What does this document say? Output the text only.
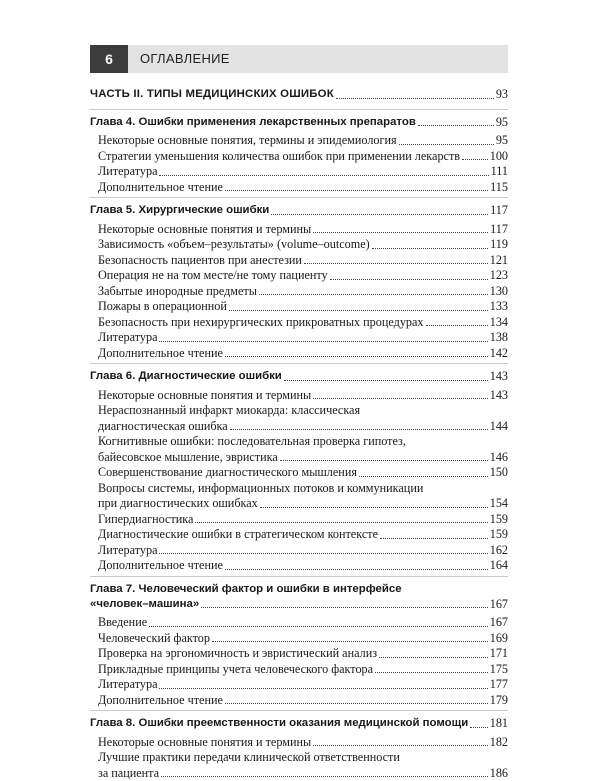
6	ОГЛАВЛЕНИЕ
ЧАСТЬ II. ТИПЫ МЕДИЦИНСКИХ ОШИБОК	93
Глава 4. Ошибки применения лекарственных препаратов	95
Некоторые основные понятия, термины и эпидемиология	95
Стратегии уменьшения количества ошибок при применении лекарств 100
Литература	111
Дополнительное чтение	115
Глава 5. Хирургические ошибки	117
Некоторые основные понятия и термины	117
Зависимость «объем–результаты» (volume–outcome)	119
Безопасность пациентов при анестезии	121
Операция не на том месте/не тому пациенту	123
Забытые инородные предметы	130
Пожары в операционной	133
Безопасность при нехирургических прикроватных процедурах	134
Литература	138
Дополнительное чтение	142
Глава 6. Диагностические ошибки	143
Некоторые основные понятия и термины	143
Нераспознанный инфаркт миокарда: классическая
диагностическая ошибка	144
Когнитивные ошибки: последовательная проверка гипотез,
байесовское мышление, эвристика	146
Совершенствование диагностического мышления	150
Вопросы системы, информационных потоков и коммуникации
при диагностических ошибках	154
Гипердиагностика	159
Диагностические ошибки в стратегическом контексте	159
Литература	162
Дополнительное чтение	164
Глава 7. Человеческий фактор и ошибки в интерфейсе
«человек–машина»	167
Введение	167
Человеческий фактор	169
Проверка на эргономичность и эвристический анализ	171
Прикладные принципы учета человеческого фактора	175
Литература	177
Дополнительное чтение	179
Глава 8. Ошибки преемственности оказания медицинской помощи 181
Некоторые основные понятия и термины	182
Лучшие практики передачи клинической ответственности
за пациента	186
